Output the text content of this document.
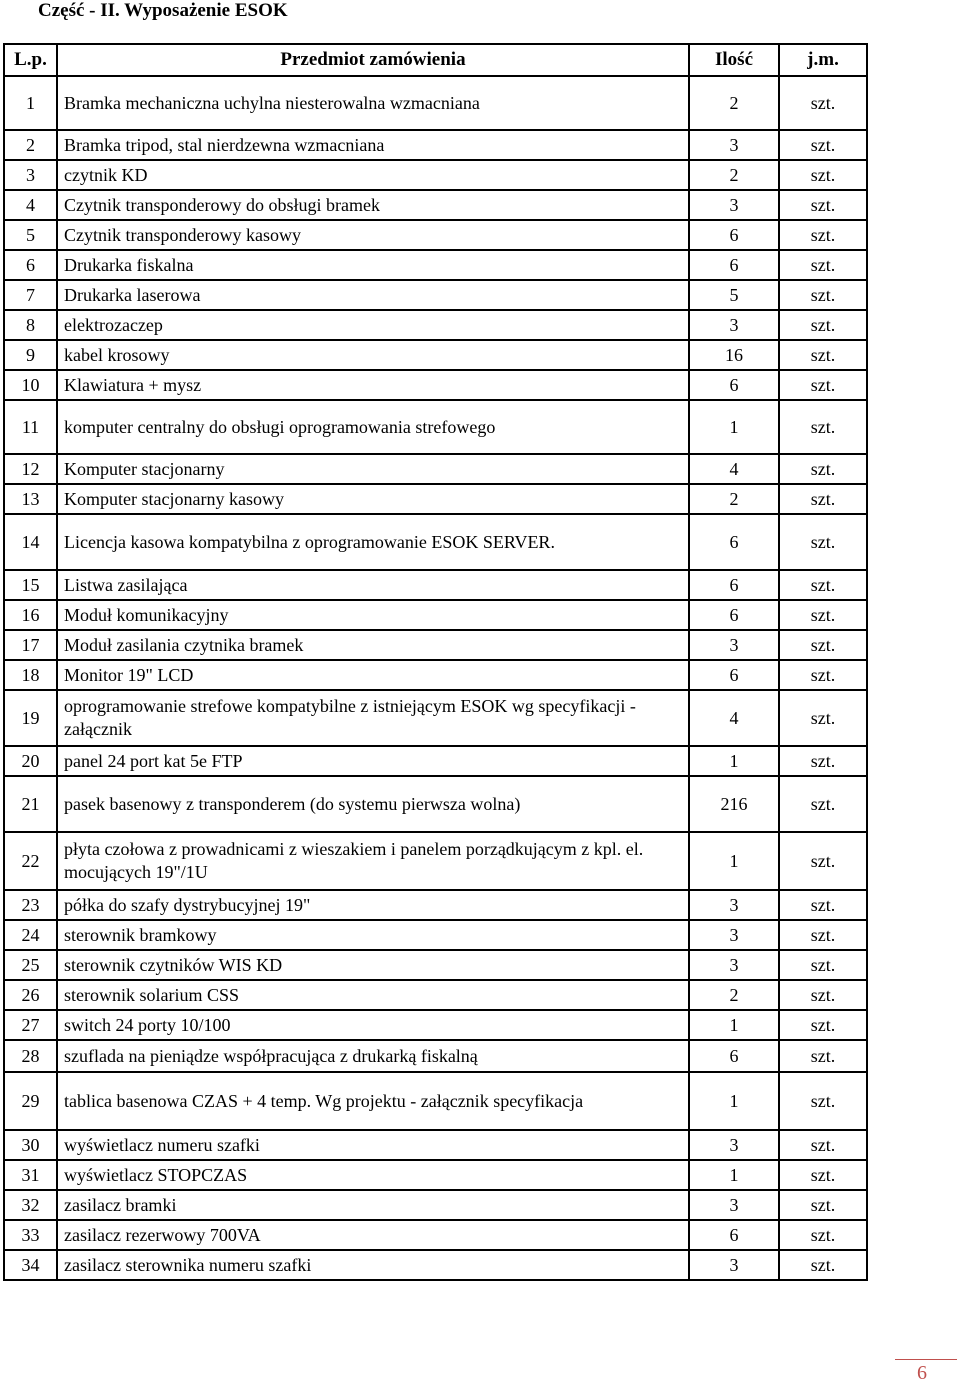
Część - II. Wyposażenie ESOK
L.p.	Przedmiot zamówienia	Ilość	j.m.
1	Bramka mechaniczna uchylna niesterowalna wzmacniana	2	szt.
2	Bramka tripod, stal nierdzewna wzmacniana	3	szt.
3	czytnik KD	2	szt.
4	Czytnik transponderowy do obsługi bramek	3	szt.
5	Czytnik transponderowy kasowy	6	szt.
6	Drukarka fiskalna	6	szt.
7	Drukarka laserowa	5	szt.
8	elektrozaczep	3	szt.
9	kabel krosowy	16	szt.
10	Klawiatura + mysz	6	szt.
11	komputer centralny do obsługi oprogramowania strefowego	1	szt.
12	Komputer stacjonarny	4	szt.
13	Komputer stacjonarny kasowy	2	szt.
14	Licencja kasowa kompatybilna z oprogramowanie ESOK SERVER.	6	szt.
15	Listwa zasilająca	6	szt.
16	Moduł komunikacyjny	6	szt.
17	Moduł zasilania czytnika bramek	3	szt.
18	Monitor 19" LCD	6	szt.
19	oprogramowanie strefowe kompatybilne z istniejącym ESOK wg specyfikacji - załącznik	4	szt.
20	panel 24 port kat 5e FTP	1	szt.
21	pasek basenowy z transponderem (do systemu pierwsza wolna)	216	szt.
22	płyta czołowa z prowadnicami z wieszakiem i panelem porządkującym z kpl. el. mocujących 19"/1U	1	szt.
23	półka do szafy dystrybucyjnej 19"	3	szt.
24	sterownik bramkowy	3	szt.
25	sterownik czytników WIS KD	3	szt.
26	sterownik solarium CSS	2	szt.
27	switch 24 porty 10/100	1	szt.
28	szuflada na pieniądze współpracująca z drukarką fiskalną	6	szt.
29	tablica basenowa CZAS + 4 temp. Wg projektu - załącznik specyfikacja	1	szt.
30	wyświetlacz numeru szafki	3	szt.
31	wyświetlacz STOPCZAS	1	szt.
32	zasilacz bramki	3	szt.
33	zasilacz rezerwowy 700VA	6	szt.
34	zasilacz sterownika numeru szafki	3	szt.
6
